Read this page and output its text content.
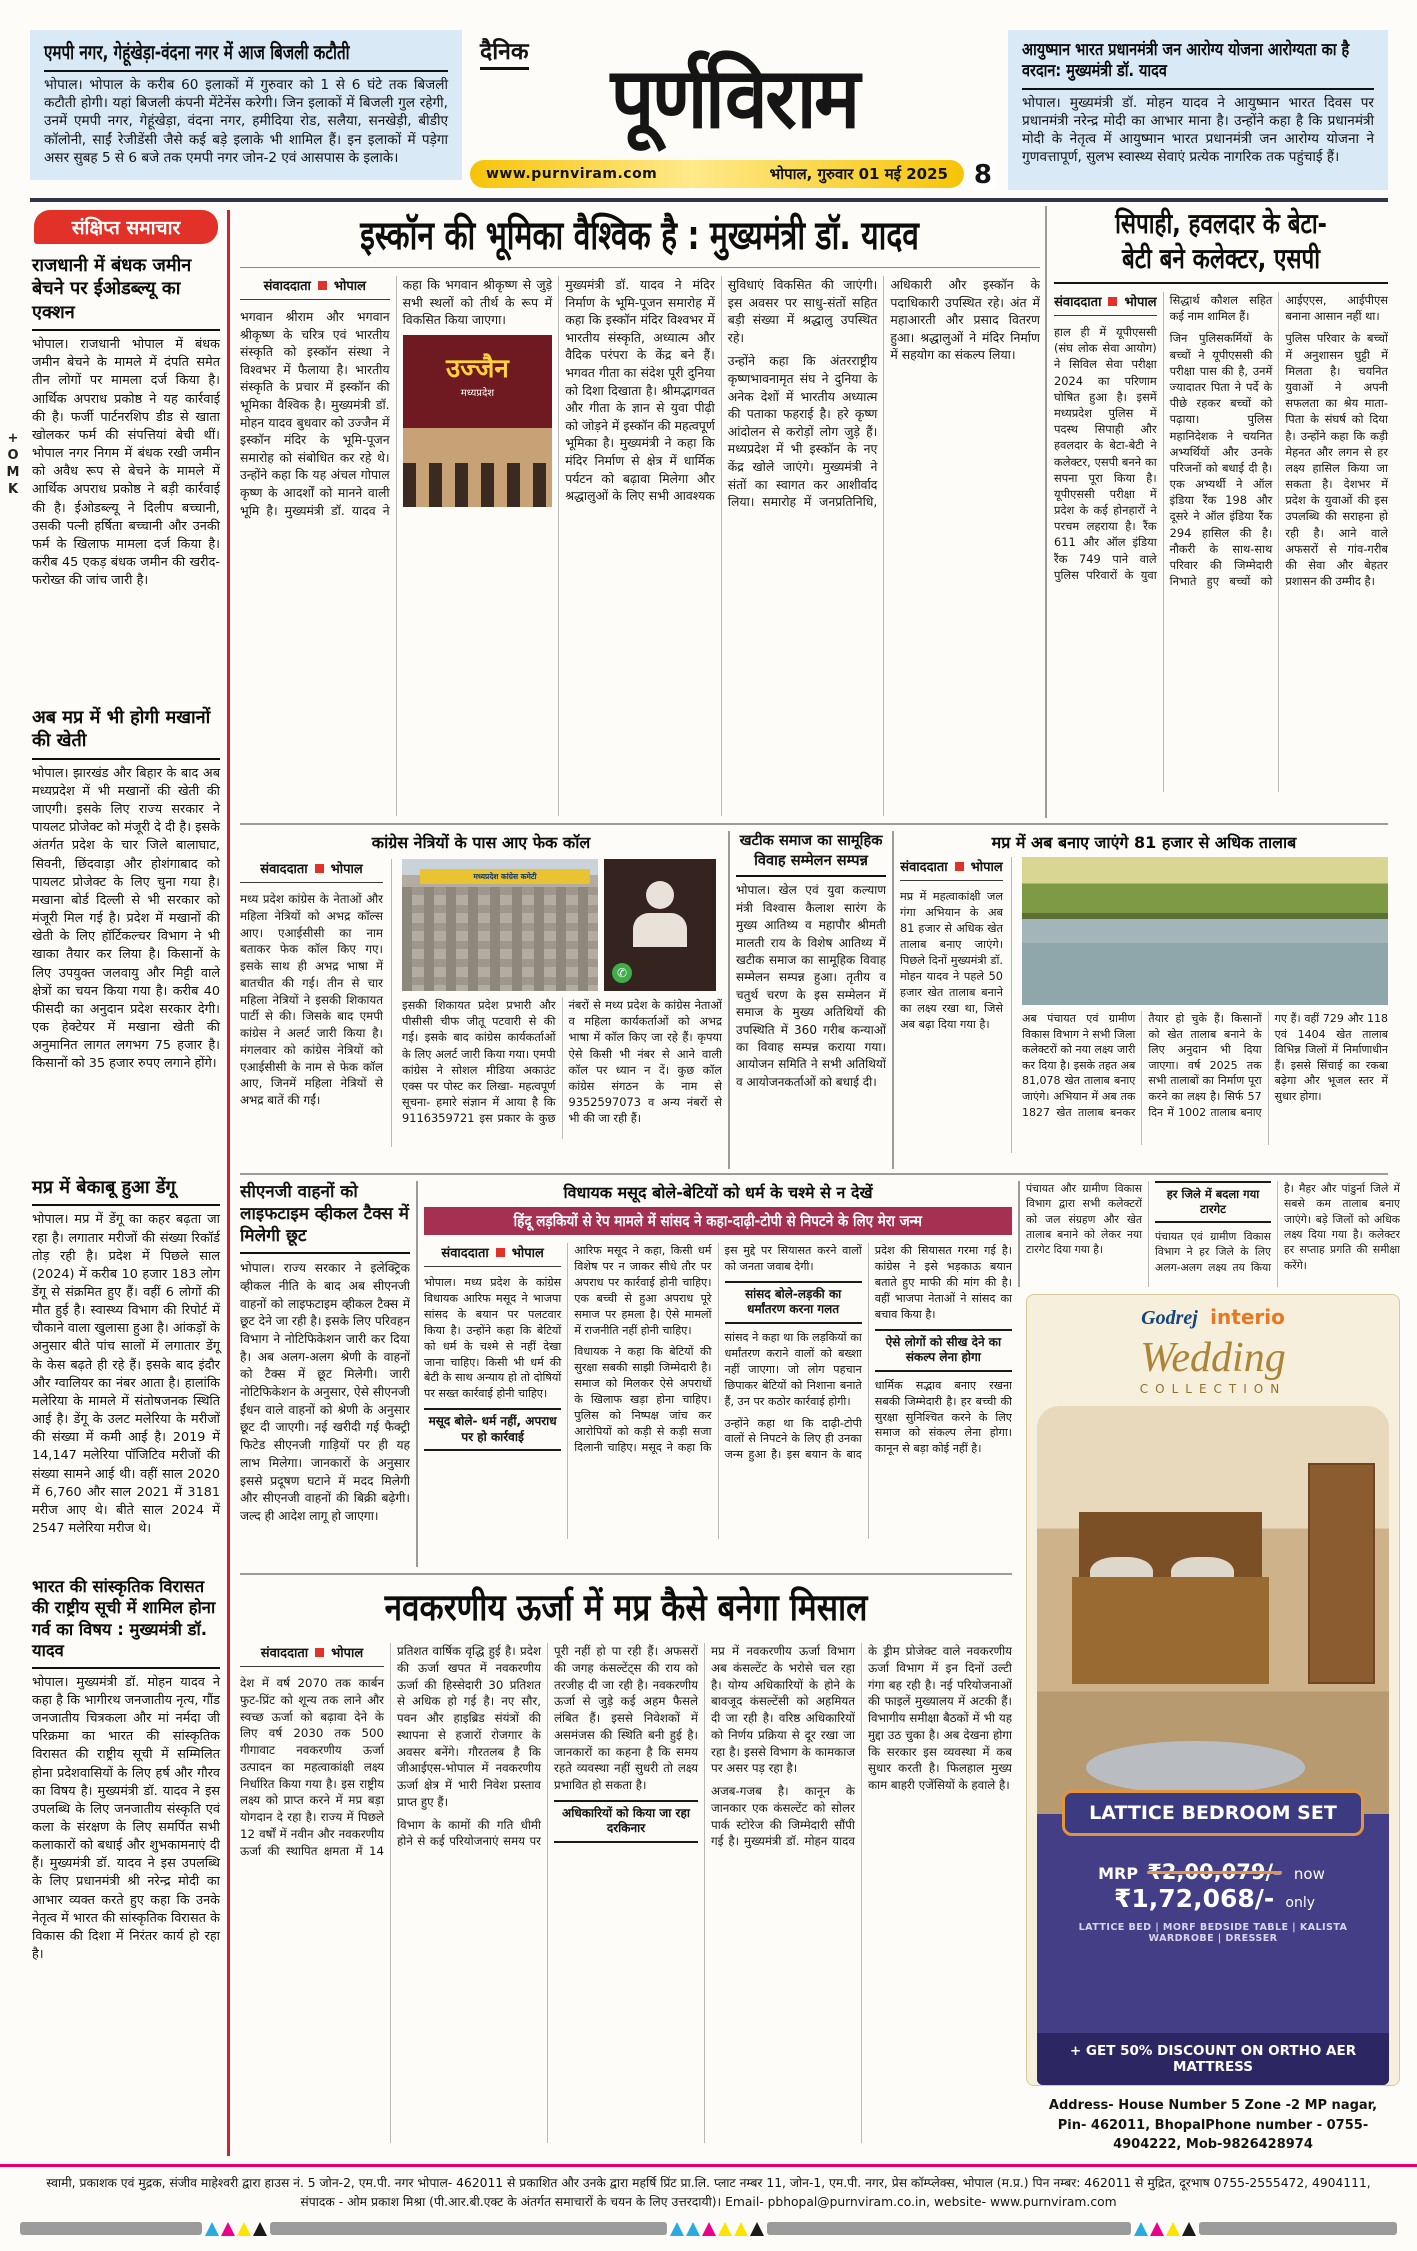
एमपी नगर, गेहूंखेड़ा-वंदना नगर में आज बिजली कटौती

भोपाल। भोपाल के करीब 60 इलाकों में गुरुवार को 1 से 6 घंटे तक बिजली कटौती होगी। यहां बिजली कंपनी मेंटेनेंस करेगी। जिन इलाकों में बिजली गुल रहेगी, उनमें एमपी नगर, गेहूंखेड़ा, वंदना नगर, हमीदिया रोड, सलैया, सनखेड़ी, बीडीए कॉलोनी, साईं रेजीडेंसी जैसे कई बड़े इलाके भी शामिल हैं। इन इलाकों में पड़ेगा असर सुबह 5 से 6 बजे तक एमपी नगर जोन-2 एवं आसपास के इलाके।

दैनिक पूर्णविराम
www.purnviram.com	भोपाल, गुरुवार 01 मई 2025 8
आयुष्मान भारत प्रधानमंत्री जन आरोग्य योजना आरोग्यता का है वरदान: मुख्यमंत्री डॉ. यादव

भोपाल। मुख्यमंत्री डॉ. मोहन यादव ने आयुष्मान भारत दिवस पर प्रधानमंत्री नरेन्द्र मोदी का आभार माना है। उन्होंने कहा है कि प्रधानमंत्री मोदी के नेतृत्व में आयुष्मान भारत प्रधानमंत्री जन आरोग्य योजना ने गुणवत्तापूर्ण, सुलभ स्वास्थ्य सेवाएं प्रत्येक नागरिक तक पहुंचाई हैं।

+
O
M
K
संक्षिप्त समाचार
राजधानी में बंधक जमीन बेचने पर ईओडब्ल्यू का एक्शन

भोपाल। राजधानी भोपाल में बंधक जमीन बेचने के मामले में दंपति समेत तीन लोगों पर मामला दर्ज किया है। आर्थिक अपराध प्रकोष्ठ ने यह कार्रवाई की है। फर्जी पार्टनरशिप डीड से खाता खोलकर फर्म की संपत्तियां बेची थीं। भोपाल नगर निगम में बंधक रखी जमीन को अवैध रूप से बेचने के मामले में आर्थिक अपराध प्रकोष्ठ ने बड़ी कार्रवाई की है। ईओडब्ल्यू ने दिलीप बच्चानी, उसकी पत्नी हर्षिता बच्चानी और उनकी फर्म के खिलाफ मामला दर्ज किया है। करीब 45 एकड़ बंधक जमीन की खरीद-फरोख्त की जांच जारी है।

अब मप्र में भी होगी मखानों की खेती

भोपाल। झारखंड और बिहार के बाद अब मध्यप्रदेश में भी मखानों की खेती की जाएगी। इसके लिए राज्य सरकार ने पायलट प्रोजेक्ट को मंजूरी दे दी है। इसके अंतर्गत प्रदेश के चार जिले बालाघाट, सिवनी, छिंदवाड़ा और होशंगाबाद को पायलट प्रोजेक्ट के लिए चुना गया है। मखाना बोर्ड दिल्ली से भी सरकार को मंजूरी मिल गई है। प्रदेश में मखानों की खेती के लिए हॉर्टिकल्चर विभाग ने भी खाका तैयार कर लिया है। किसानों के लिए उपयुक्त जलवायु और मिट्टी वाले क्षेत्रों का चयन किया गया है। करीब 40 फीसदी का अनुदान प्रदेश सरकार देगी। एक हेक्टेयर में मखाना खेती की अनुमानित लागत लगभग 75 हजार है। किसानों को 35 हजार रुपए लगाने होंगे।

मप्र में बेकाबू हुआ डेंगू

भोपाल। मप्र में डेंगू का कहर बढ़ता जा रहा है। लगातार मरीजों की संख्या रिकॉर्ड तोड़ रही है। प्रदेश में पिछले साल (2024) में करीब 10 हजार 183 लोग डेंगू से संक्रमित हुए हैं। वहीं 6 लोगों की मौत हुई है। स्वास्थ्य विभाग की रिपोर्ट में चौकाने वाला खुलासा हुआ है। आंकड़ों के अनुसार बीते पांच सालों में लगातार डेंगू के केस बढ़ते ही रहे हैं। इसके बाद इंदौर और ग्वालियर का नंबर आता है। हालांकि मलेरिया के मामले में संतोषजनक स्थिति आई है। डेंगू के उलट मलेरिया के मरीजों की संख्या में कमी आई है। 2019 में 14,147 मलेरिया पॉजिटिव मरीजों की संख्या सामने आई थी। वहीं साल 2020 में 6,760 और साल 2021 में 3181 मरीज आए थे। बीते साल 2024 में 2547 मलेरिया मरीज थे।

भारत की सांस्कृतिक विरासत की राष्ट्रीय सूची में शामिल होना गर्व का विषय : मुख्यमंत्री डॉ. यादव

भोपाल। मुख्यमंत्री डॉ. मोहन यादव ने कहा है कि भागीरथ जनजातीय नृत्य, गौंड जनजातीय चित्रकला और मां नर्मदा जी परिक्रमा का भारत की सांस्कृतिक विरासत की राष्ट्रीय सूची में सम्मिलित होना प्रदेशवासियों के लिए हर्ष और गौरव का विषय है। मुख्यमंत्री डॉ. यादव ने इस उपलब्धि के लिए जनजातीय संस्कृति एवं कला के संरक्षण के लिए समर्पित सभी कलाकारों को बधाई और शुभकामनाएं दी हैं। मुख्यमंत्री डॉ. यादव ने इस उपलब्धि के लिए प्रधानमंत्री श्री नरेन्द्र मोदी का आभार व्यक्त करते हुए कहा कि उनके नेतृत्व में भारत की सांस्कृतिक विरासत के विकास की दिशा में निरंतर कार्य हो रहा है।

इस्कॉन की भूमिका वैश्विक है : मुख्यमंत्री डॉ. यादव
संवाददाता भोपाल

भगवान श्रीराम और भगवान श्रीकृष्ण के चरित्र एवं भारतीय संस्कृति को इस्कॉन संस्था ने विश्वभर में फैलाया है। भारतीय संस्कृति के प्रचार में इस्कॉन की भूमिका वैश्विक है। मुख्यमंत्री डॉ. मोहन यादव बुधवार को उज्जैन में इस्कॉन मंदिर के भूमि-पूजन समारोह को संबोधित कर रहे थे। उन्होंने कहा कि यह अंचल गोपाल कृष्ण के आदर्शों को मानने वाली भूमि है। मुख्यमंत्री डॉ. यादव ने कहा कि भगवान श्रीकृष्ण से जुड़े सभी स्थलों को तीर्थ के रूप में विकसित किया जाएगा।

उज्जैन
मध्यप्रदेश

मुख्यमंत्री डॉ. यादव ने मंदिर निर्माण के भूमि-पूजन समारोह में कहा कि इस्कॉन मंदिर विश्वभर में भारतीय संस्कृति, अध्यात्म और वैदिक परंपरा के केंद्र बने हैं। भगवत गीता का संदेश पूरी दुनिया को दिशा दिखाता है। श्रीमद्भागवत और गीता के ज्ञान से युवा पीढ़ी को जोड़ने में इस्कॉन की महत्वपूर्ण भूमिका है। मुख्यमंत्री ने कहा कि मंदिर निर्माण से क्षेत्र में धार्मिक पर्यटन को बढ़ावा मिलेगा और श्रद्धालुओं के लिए सभी आवश्यक सुविधाएं विकसित की जाएंगी। इस अवसर पर साधु-संतों सहित बड़ी संख्या में श्रद्धालु उपस्थित रहे।

उन्होंने कहा कि अंतरराष्ट्रीय कृष्णभावनामृत संघ ने दुनिया के अनेक देशों में भारतीय अध्यात्म की पताका फहराई है। हरे कृष्ण आंदोलन से करोड़ों लोग जुड़े हैं। मध्यप्रदेश में भी इस्कॉन के नए केंद्र खोले जाएंगे। मुख्यमंत्री ने संतों का स्वागत कर आशीर्वाद लिया। समारोह में जनप्रतिनिधि, अधिकारी और इस्कॉन के पदाधिकारी उपस्थित रहे। अंत में महाआरती और प्रसाद वितरण हुआ। श्रद्धालुओं ने मंदिर निर्माण में सहयोग का संकल्प लिया।

सिपाही, हवलदार के बेटा-
बेटी बने कलेक्टर, एसपी
संवाददाता भोपाल

हाल ही में यूपीएससी (संघ लोक सेवा आयोग) ने सिविल सेवा परीक्षा 2024 का परिणाम घोषित हुआ है। इसमें मध्यप्रदेश पुलिस में पदस्थ सिपाही और हवलदार के बेटा-बेटी ने कलेक्टर, एसपी बनने का सपना पूरा किया है। यूपीएससी परीक्षा में प्रदेश के कई होनहारों ने परचम लहराया है। रैंक 611 और ऑल इंडिया रैंक 749 पाने वाले पुलिस परिवारों के युवा सिद्धार्थ कौशल सहित कई नाम शामिल हैं।

जिन पुलिसकर्मियों के बच्चों ने यूपीएससी की परीक्षा पास की है, उनमें ज्यादातर पिता ने पर्दे के पीछे रहकर बच्चों को पढ़ाया। पुलिस महानिदेशक ने चयनित अभ्यर्थियों और उनके परिजनों को बधाई दी है। एक अभ्यर्थी ने ऑल इंडिया रैंक 198 और दूसरे ने ऑल इंडिया रैंक 294 हासिल की है। नौकरी के साथ-साथ परिवार की जिम्मेदारी निभाते हुए बच्चों को आईएएस, आईपीएस बनाना आसान नहीं था।

पुलिस परिवार के बच्चों में अनुशासन घुट्टी में मिलता है। चयनित युवाओं ने अपनी सफलता का श्रेय माता-पिता के संघर्ष को दिया है। उन्होंने कहा कि कड़ी मेहनत और लगन से हर लक्ष्य हासिल किया जा सकता है। देशभर में प्रदेश के युवाओं की इस उपलब्धि की सराहना हो रही है। आने वाले अफसरों से गांव-गरीब की सेवा और बेहतर प्रशासन की उम्मीद है।

कांग्रेस नेत्रियों के पास आए फेक कॉल
संवाददाता भोपाल

मध्य प्रदेश कांग्रेस के नेताओं और महिला नेत्रियों को अभद्र कॉल्स आए। एआईसीसी का नाम बताकर फेक कॉल किए गए। इसके साथ ही अभद्र भाषा में बातचीत की गई। तीन से चार महिला नेत्रियों ने इसकी शिकायत पार्टी से की। जिसके बाद एमपी कांग्रेस ने अलर्ट जारी किया है। मंगलवार को कांग्रेस नेत्रियों को एआईसीसी के नाम से फेक कॉल आए, जिनमें महिला नेत्रियों से अभद्र बातें की गईं।

मध्यप्रदेश कांग्रेस कमेटी
✆

इसकी शिकायत प्रदेश प्रभारी और पीसीसी चीफ जीतू पटवारी से की गई। इसके बाद कांग्रेस कार्यकर्ताओं के लिए अलर्ट जारी किया गया। एमपी कांग्रेस ने सोशल मीडिया अकाउंट एक्स पर पोस्ट कर लिखा- महत्वपूर्ण सूचना- हमारे संज्ञान में आया है कि 9116359721 इस प्रकार के कुछ नंबरों से मध्य प्रदेश के कांग्रेस नेताओं व महिला कार्यकर्ताओं को अभद्र भाषा में कॉल किए जा रहे हैं। कृपया ऐसे किसी भी नंबर से आने वाली कॉल पर ध्यान न दें। कुछ कॉल कांग्रेस संगठन के नाम से 9352597073 व अन्य नंबरों से भी की जा रही हैं।

खटीक समाज का सामूहिक विवाह सम्मेलन सम्पन्न

भोपाल। खेल एवं युवा कल्याण मंत्री विश्वास कैलाश सारंग के मुख्य आतिथ्य व महापौर श्रीमती मालती राय के विशेष आतिथ्य में खटीक समाज का सामूहिक विवाह सम्मेलन सम्पन्न हुआ। तृतीय व चतुर्थ चरण के इस सम्मेलन में समाज के मुख्य अतिथियों की उपस्थिति में 360 गरीब कन्याओं का विवाह सम्पन्न कराया गया। आयोजन समिति ने सभी अतिथियों व आयोजनकर्ताओं को बधाई दी।

मप्र में अब बनाए जाएंगे 81 हजार से अधिक तालाब
संवाददाता भोपाल

मप्र में महत्वाकांक्षी जल गंगा अभियान के अब 81 हजार से अधिक खेत तालाब बनाए जाएंगे। पिछले दिनों मुख्यमंत्री डॉ. मोहन यादव ने पहले 50 हजार खेत तालाब बनाने का लक्ष्य रखा था, जिसे अब बढ़ा दिया गया है।	अब पंचायत एवं ग्रामीण विकास विभाग ने सभी जिला कलेक्टरों को नया लक्ष्य जारी कर दिया है। इसके तहत अब 81,078 खेत तालाब बनाए जाएंगे। अभियान में अब तक 1827 खेत तालाब बनकर तैयार हो चुके हैं। किसानों को खेत तालाब बनाने के लिए अनुदान भी दिया जाएगा। वर्ष 2025 तक सभी तालाबों का निर्माण पूरा करने का लक्ष्य है। सिर्फ 57 दिन में 1002 तालाब बनाए गए हैं। वहीं 729 और 118 एवं 1404 खेत तालाब विभिन्न जिलों में निर्माणाधीन हैं। इससे सिंचाई का रकबा बढ़ेगा और भूजल स्तर में सुधार होगा।

सीएनजी वाहनों को लाइफटाइम व्हीकल टैक्स में मिलेगी छूट

भोपाल। राज्य सरकार ने इलेक्ट्रिक व्हीकल नीति के बाद अब सीएनजी वाहनों को लाइफटाइम व्हीकल टैक्स में छूट देने जा रही है। इसके लिए परिवहन विभाग ने नोटिफिकेशन जारी कर दिया है। अब अलग-अलग श्रेणी के वाहनों को टैक्स में छूट मिलेगी। जारी नोटिफिकेशन के अनुसार, ऐसे सीएनजी ईंधन वाले वाहनों को श्रेणी के अनुसार छूट दी जाएगी। नई खरीदी गई फैक्ट्री फिटेड सीएनजी गाड़ियों पर ही यह लाभ मिलेगा। जानकारों के अनुसार इससे प्रदूषण घटाने में मदद मिलेगी और सीएनजी वाहनों की बिक्री बढ़ेगी। जल्द ही आदेश लागू हो जाएगा।

विधायक मसूद बोले-बेटियों को धर्म के चश्मे से न देखें
हिंदू लड़कियों से रेप मामले में सांसद ने कहा-दाढ़ी-टोपी से निपटने के लिए मेरा जन्म
संवाददाता भोपाल

भोपाल। मध्य प्रदेश के कांग्रेस विधायक आरिफ मसूद ने भाजपा सांसद के बयान पर पलटवार किया है। उन्होंने कहा कि बेटियों को धर्म के चश्मे से नहीं देखा जाना चाहिए। किसी भी धर्म की बेटी के साथ अन्याय हो तो दोषियों पर सख्त कार्रवाई होनी चाहिए।

मसूद बोले- धर्म नहीं, अपराध पर हो कार्रवाई

आरिफ मसूद ने कहा, किसी धर्म विशेष पर न जाकर सीधे तौर पर अपराध पर कार्रवाई होनी चाहिए। एक बच्ची से हुआ अपराध पूरे समाज पर हमला है। ऐसे मामलों में राजनीति नहीं होनी चाहिए।

विधायक ने कहा कि बेटियों की सुरक्षा सबकी साझी जिम्मेदारी है। समाज को मिलकर ऐसे अपराधों के खिलाफ खड़ा होना चाहिए। पुलिस को निष्पक्ष जांच कर आरोपियों को कड़ी से कड़ी सजा दिलानी चाहिए। मसूद ने कहा कि इस मुद्दे पर सियासत करने वालों को जनता जवाब देगी।

सांसद बोले-लड़की का धर्मांतरण करना गलत

सांसद ने कहा था कि लड़कियों का धर्मांतरण कराने वालों को बख्शा नहीं जाएगा। जो लोग पहचान छिपाकर बेटियों को निशाना बनाते हैं, उन पर कठोर कार्रवाई होगी।

उन्होंने कहा था कि दाढ़ी-टोपी वालों से निपटने के लिए ही उनका जन्म हुआ है। इस बयान के बाद प्रदेश की सियासत गरमा गई है। कांग्रेस ने इसे भड़काऊ बयान बताते हुए माफी की मांग की है। वहीं भाजपा नेताओं ने सांसद का बचाव किया है।

ऐसे लोगों को सीख देने का संकल्प लेना होगा

धार्मिक सद्भाव बनाए रखना सबकी जिम्मेदारी है। हर बच्ची की सुरक्षा सुनिश्चित करने के लिए समाज को संकल्प लेना होगा। कानून से बड़ा कोई नहीं है।

पंचायत और ग्रामीण विकास विभाग द्वारा सभी कलेक्टरों को जल संग्रहण और खेत तालाब बनाने को लेकर नया टारगेट दिया गया है।

हर जिले में बदला गया टारगेट

पंचायत एवं ग्रामीण विकास विभाग ने हर जिले के लिए अलग-अलग लक्ष्य तय किया है। मैहर और पांडुर्ना जिले में सबसे कम तालाब बनाए जाएंगे। बड़े जिलों को अधिक लक्ष्य दिया गया है। कलेक्टर हर सप्ताह प्रगति की समीक्षा करेंगे।

नवकरणीय ऊर्जा में मप्र कैसे बनेगा मिसाल
संवाददाता भोपाल

देश में वर्ष 2070 तक कार्बन फुट-प्रिंट को शून्य तक लाने और स्वच्छ ऊर्जा को बढ़ावा देने के लिए वर्ष 2030 तक 500 गीगावाट नवकरणीय ऊर्जा उत्पादन का महत्वाकांक्षी लक्ष्य निर्धारित किया गया है। इस राष्ट्रीय लक्ष्य को प्राप्त करने में मप्र बड़ा योगदान दे रहा है। राज्य में पिछले 12 वर्षों में नवीन और नवकरणीय ऊर्जा की स्थापित क्षमता में 14 प्रतिशत वार्षिक वृद्धि हुई है। प्रदेश की ऊर्जा खपत में नवकरणीय ऊर्जा की हिस्सेदारी 30 प्रतिशत से अधिक हो गई है। नए सौर, पवन और हाइब्रिड संयंत्रों की स्थापना से हजारों रोजगार के अवसर बनेंगे। गौरतलब है कि जीआईएस-भोपाल में नवकरणीय ऊर्जा क्षेत्र में भारी निवेश प्रस्ताव प्राप्त हुए हैं।

विभाग के कामों की गति धीमी होने से कई परियोजनाएं समय पर पूरी नहीं हो पा रही हैं। अफसरों की जगह कंसल्टेंट्स की राय को तरजीह दी जा रही है। नवकरणीय ऊर्जा से जुड़े कई अहम फैसले लंबित हैं। इससे निवेशकों में असमंजस की स्थिति बनी हुई है। जानकारों का कहना है कि समय रहते व्यवस्था नहीं सुधरी तो लक्ष्य प्रभावित हो सकता है।

अधिकारियों को किया जा रहा दरकिनार

मप्र में नवकरणीय ऊर्जा विभाग अब कंसल्टेंट के भरोसे चल रहा है। योग्य अधिकारियों के होने के बावजूद कंसल्टेंसी को अहमियत दी जा रही है। वरिष्ठ अधिकारियों को निर्णय प्रक्रिया से दूर रखा जा रहा है। इससे विभाग के कामकाज पर असर पड़ रहा है।

अजब-गजब है। कानून के जानकार एक कंसल्टेंट को सोलर पार्क स्टोरेज की जिम्मेदारी सौंपी गई है। मुख्यमंत्री डॉ. मोहन यादव के ड्रीम प्रोजेक्ट वाले नवकरणीय ऊर्जा विभाग में इन दिनों उल्टी गंगा बह रही है। नई परियोजनाओं की फाइलें मुख्यालय में अटकी हैं। विभागीय समीक्षा बैठकों में भी यह मुद्दा उठ चुका है। अब देखना होगा कि सरकार इस व्यवस्था में कब सुधार करती है। फिलहाल मुख्य काम बाहरी एजेंसियों के हवाले है।

Godrej interio
Wedding
COLLECTION
LATTICE BEDROOM SET
MRP ₹2,00,079/- now ₹1,72,068/- only
LATTICE BED | MORF BEDSIDE TABLE | KALISTA WARDROBE | DRESSER
+ GET 50% DISCOUNT ON ORTHO AER MATTRESS
Address- House Number 5 Zone -2 MP nagar,
Pin- 462011, BhopalPhone number - 0755-4904222, Mob-9826428974
स्वामी, प्रकाशक एवं मुद्रक, संजीव माहेश्वरी द्वारा हाउस नं. 5 जोन-2, एम.पी. नगर भोपाल- 462011 से प्रकाशित और उनके द्वारा महर्षि प्रिंट प्रा.लि. प्लाट नम्बर 11, जोन-1, एम.पी. नगर, प्रेस कॉम्प्लेक्स, भोपाल (म.प्र.) पिन नम्बर: 462011 से मुद्रित, दूरभाष 0755-2555472, 4904111,
संपादक - ओम प्रकाश मिश्रा (पी.आर.बी.एक्ट के अंतर्गत समाचारों के चयन के लिए उत्तरदायी)। Email- pbhopal@purnviram.co.in, website- www.purnviram.com
